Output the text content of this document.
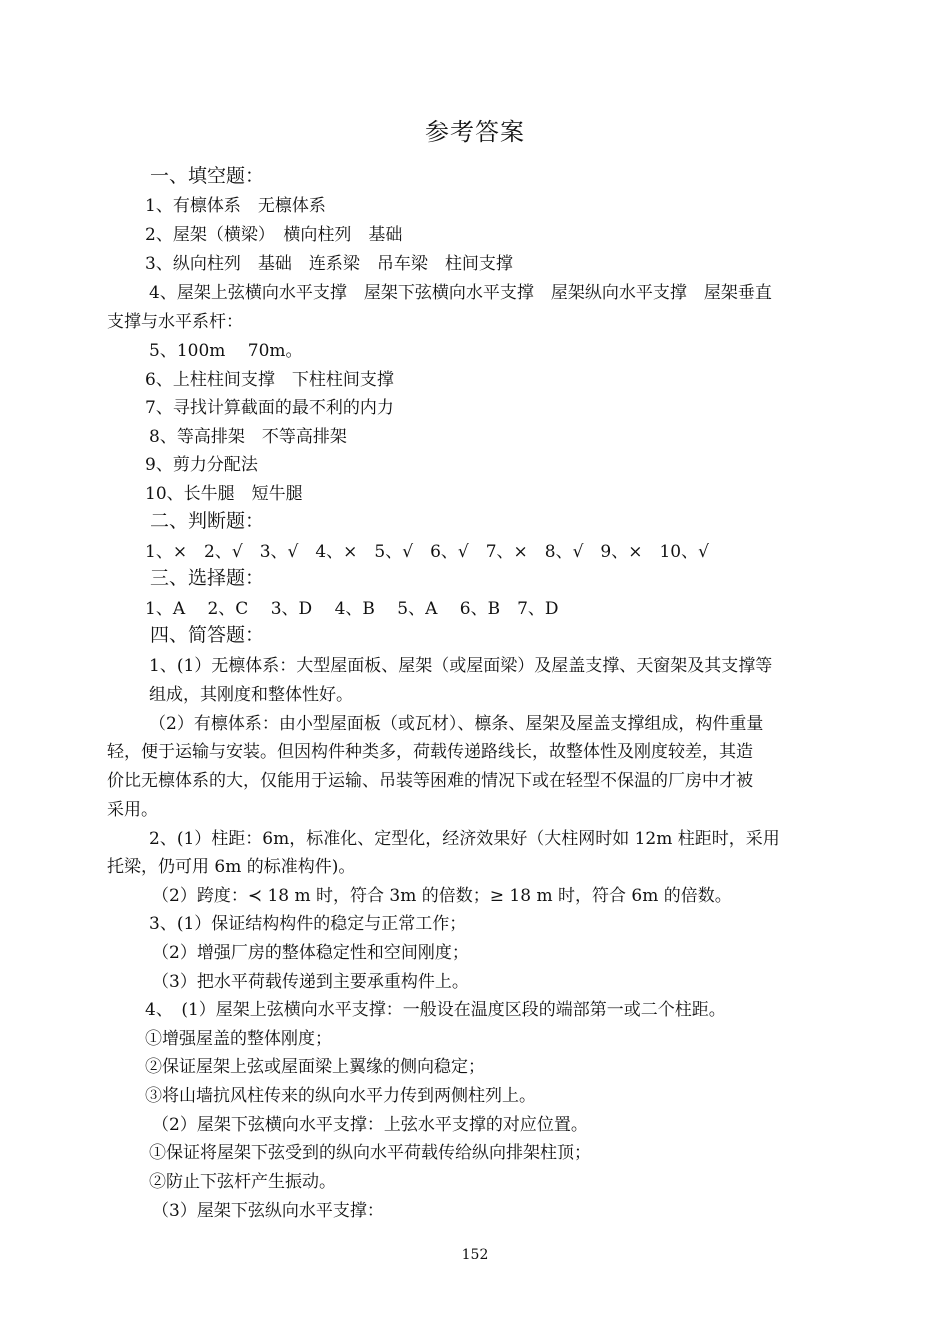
参考答案
一、填空题：
1、有檩体系　无檩体系
2、屋架（横梁）　横向柱列　基础
3、纵向柱列　基础　连系梁　吊车梁　柱间支撑
4、屋架上弦横向水平支撑　屋架下弦横向水平支撑　屋架纵向水平支撑　屋架垂直
支撑与水平系杆：
5、100m　 70m。
6、上柱柱间支撑　下柱柱间支撑
7、寻找计算截面的最不利的内力
8、等高排架　不等高排架
9、剪力分配法
10、长牛腿　短牛腿
二、判断题：
1、×　2、√　3、√　4、×　5、√　6、√　7、×　8、√　9、×　10、√
三、选择题：
1、A　 2、C　 3、D　 4、B　 5、A　 6、B　7、D
四、简答题：
1、(1）无檩体系：大型屋面板、屋架（或屋面梁）及屋盖支撑、天窗架及其支撑等
组成，其刚度和整体性好。
（2）有檩体系：由小型屋面板（或瓦材）、檩条、屋架及屋盖支撑组成，构件重量
轻，便于运输与安装。但因构件种类多，荷载传递路线长，故整体性及刚度较差，其造
价比无檩体系的大，仅能用于运输、吊装等困难的情况下或在轻型不保温的厂房中才被
采用。
2、(1）柱距：6m，标准化、定型化，经济效果好（大柱网时如 12m 柱距时，采用
托梁，仍可用 6m 的标准构件)。
（2）跨度：≺ 18 m 时，符合 3m 的倍数；≥ 18 m 时，符合 6m 的倍数。
3、(1）保证结构构件的稳定与正常工作；
（2）增强厂房的整体稳定性和空间刚度；
（3）把水平荷载传递到主要承重构件上。
4、　(1）屋架上弦横向水平支撑：一般设在温度区段的端部第一或二个柱距。
①增强屋盖的整体刚度；
②保证屋架上弦或屋面梁上翼缘的侧向稳定；
③将山墙抗风柱传来的纵向水平力传到两侧柱列上。
（2）屋架下弦横向水平支撑：上弦水平支撑的对应位置。
①保证将屋架下弦受到的纵向水平荷载传给纵向排架柱顶；
②防止下弦杆产生振动。
（3）屋架下弦纵向水平支撑：
152
